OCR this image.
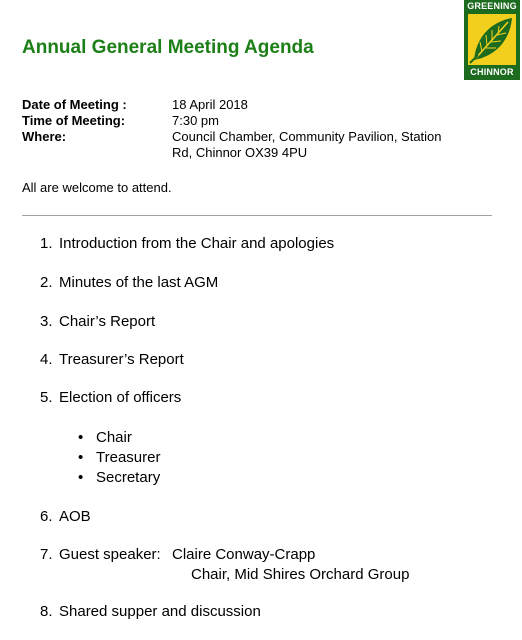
Annual General Meeting Agenda
GREENING
CHINNOR
Date of Meeting :	18 April 2018
Time of Meeting:	7:30 pm
Where:	Council Chamber, Community Pavilion, Station
Rd, Chinnor OX39 4PU
All are welcome to attend.
1. Introduction from the Chair and apologies
2. Minutes of the last AGM
3. Chair’s Report
4. Treasurer’s Report
5. Election of officers
• Chair
• Treasurer
• Secretary
6. AOB
7. Guest speaker: Claire Conway-Crapp
Chair, Mid Shires Orchard Group
8. Shared supper and discussion
